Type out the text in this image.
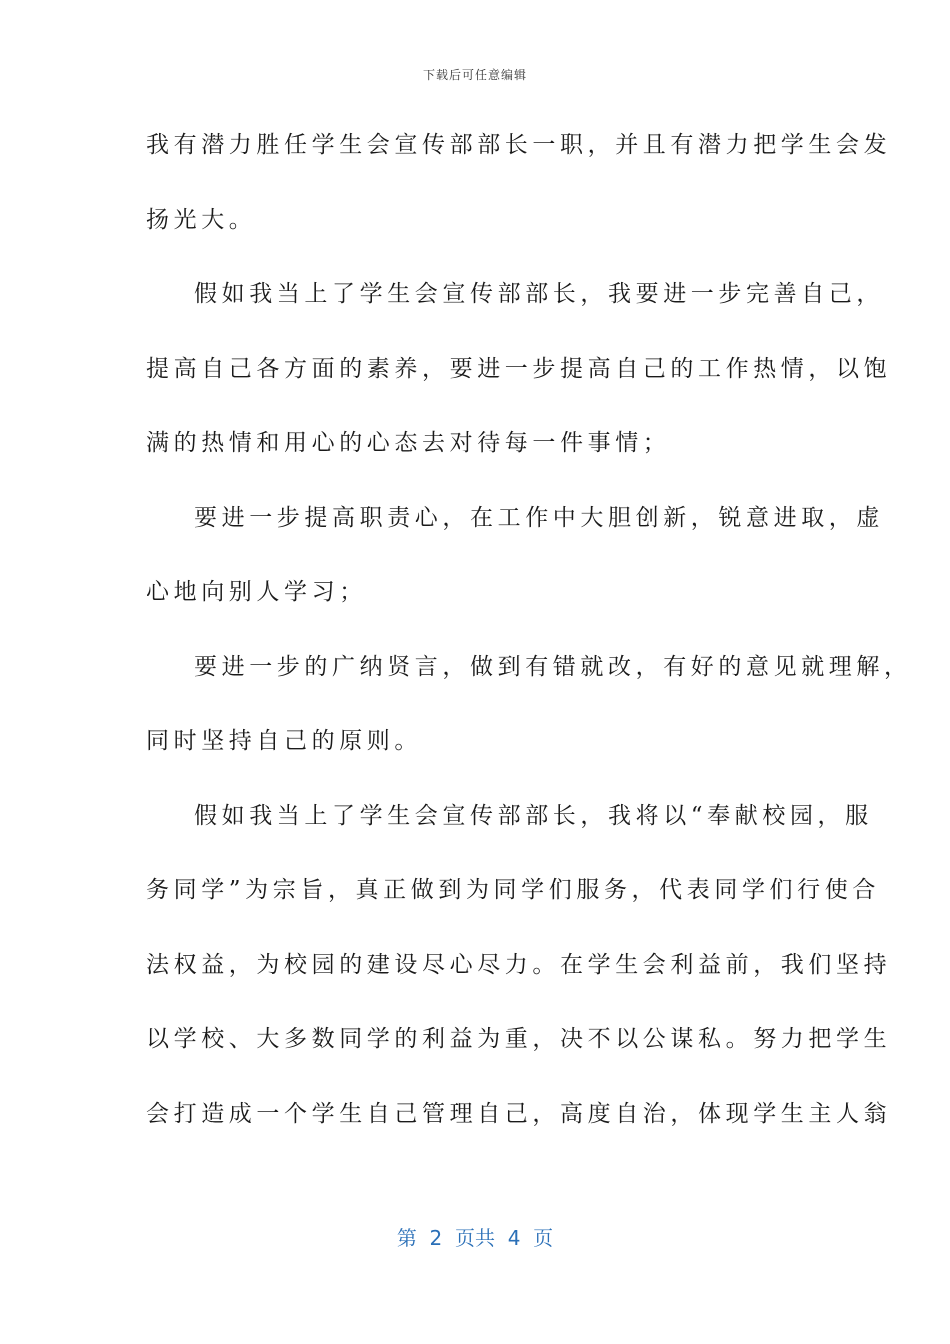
下载后可任意编辑
我有潜力胜任学生会宣传部部长一职，并且有潜力把学生会发
扬光大。
假如我当上了学生会宣传部部长，我要进一步完善自己，
提高自己各方面的素养，要进一步提高自己的工作热情，以饱
满的热情和用心的心态去对待每一件事情；
要进一步提高职责心，在工作中大胆创新，锐意进取，虚
心地向别人学习；
要进一步的广纳贤言，做到有错就改，有好的意见就理解，
同时坚持自己的原则。
假如我当上了学生会宣传部部长，我将以“奉献校园，服
务同学”为宗旨，真正做到为同学们服务，代表同学们行使合
法权益，为校园的建设尽心尽力。在学生会利益前，我们坚持
以学校、大多数同学的利益为重，决不以公谋私。努力把学生
会打造成一个学生自己管理自己，高度自治，体现学生主人翁
第  2  页共  4  页
